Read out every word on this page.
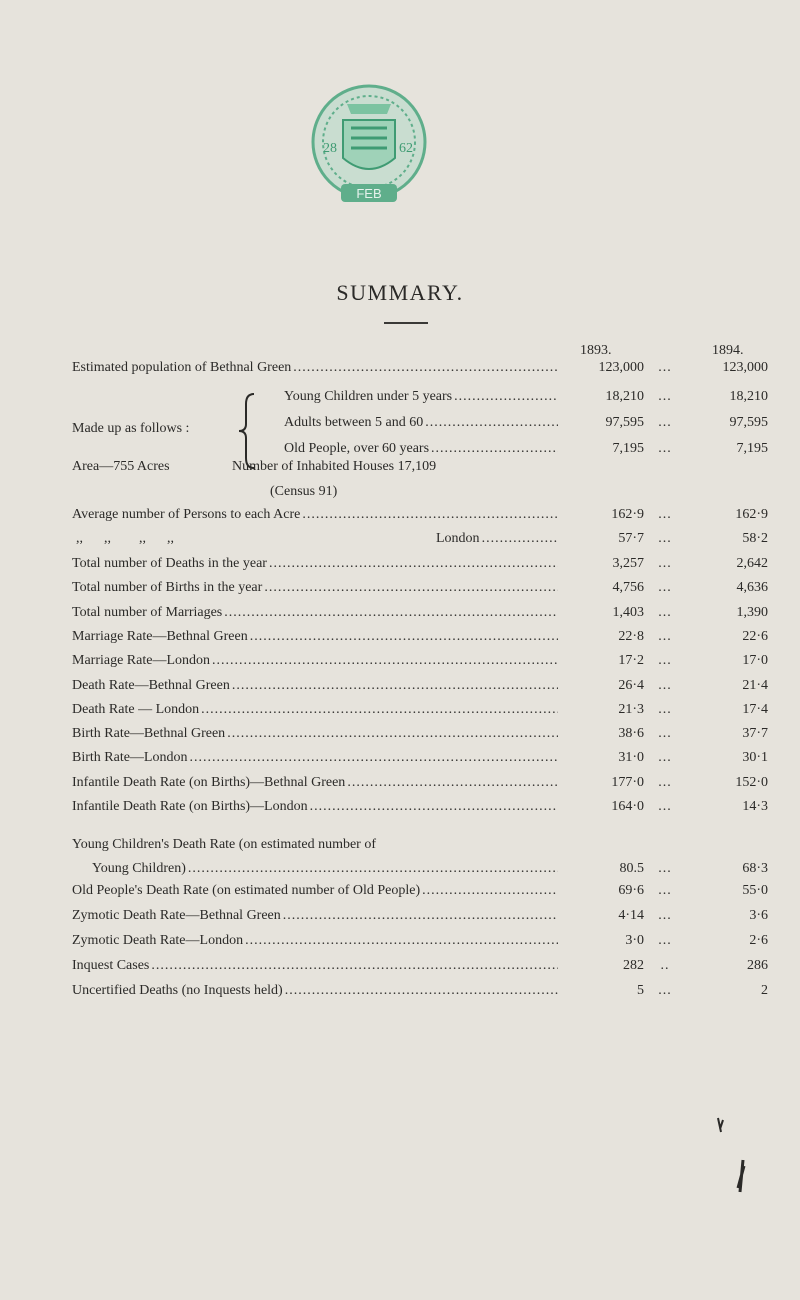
28	62
FEB
SUMMARY.
1893.	1894.
Estimated population of Bethnal Green .....	123,000	...	123,000
Made up as follows :
Young Children under 5 years .....	18,210	...	18,210
Adults between 5 and 60 .....	97,595	...	97,595
Old People, over 60 years .....	7,195	...	7,195
Area—755 Acres	Number of Inhabited Houses 17,109
(Census 91)
Average number of Persons to each Acre .....	162·9	...	162·9
,,      ,,        ,,      ,,	London .....	57·7	...	58·2
Total number of Deaths in the year .....	3,257	...	2,642
Total number of Births in the year .....	4,756	...	4,636
Total number of Marriages .....	1,403	...	1,390
Marriage Rate—Bethnal Green .....	22·8	...	22·6
Marriage Rate—London .....	17·2	...	17·0
Death Rate—Bethnal Green .....	26·4	...	21·4
Death Rate — London .....	21·3	...	17·4
Birth Rate—Bethnal Green .....	38·6	...	37·7
Birth Rate—London .....	31·0	...	30·1
Infantile Death Rate (on Births)—Bethnal Green .....	177·0	...	152·0
Infantile Death Rate (on Births)—London .....	164·0	...	14·3
Young Children's Death Rate (on estimated number of
Young Children) .....	80.5	...	68·3
Old People's Death Rate (on estimated number of Old People) .....	69·6	...	55·0
Zymotic Death Rate—Bethnal Green .....	4·14	...	3·6
Zymotic Death Rate—London .....	3·0	...	2·6
Inquest Cases .....	282	..	286
Uncertified Deaths (no Inquests held) .....	5	...	2
